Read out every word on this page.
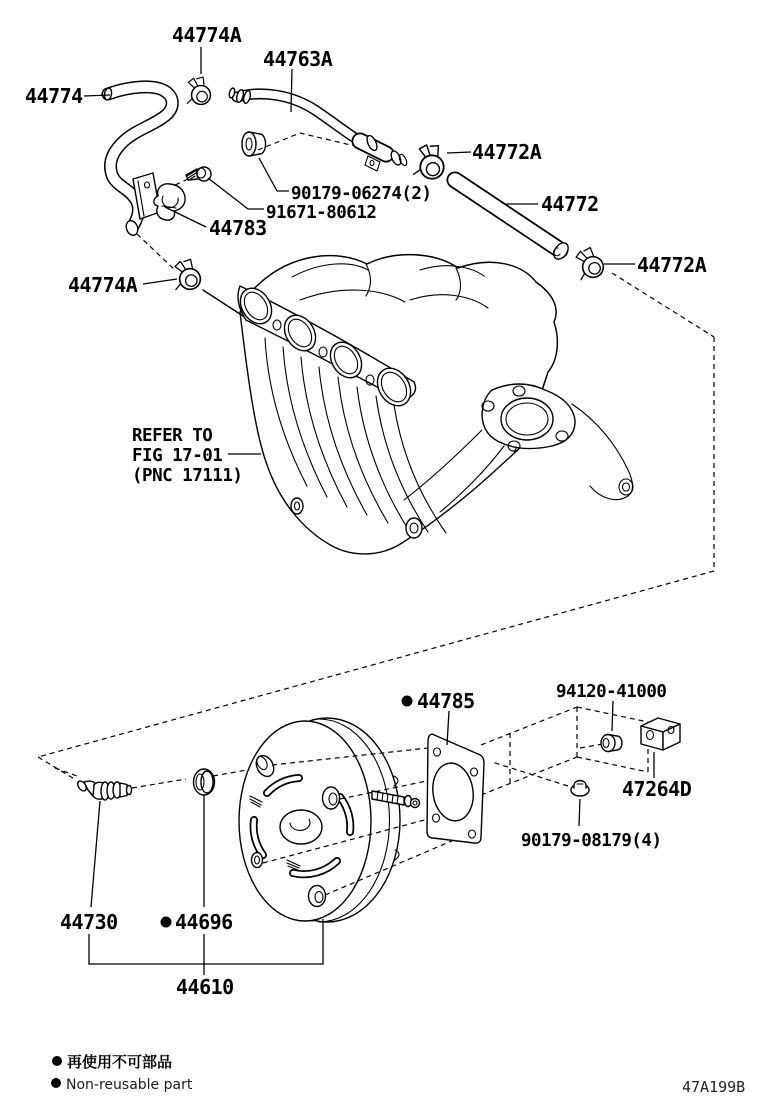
44774A
44763A
44774
44772A
90179-06274(2)
91671-80612
44783
44772
44772A
44774A
REFER TO
FIG 17-01
(PNC 17111)
44785	94120-41000
47264D
90179-08179(4)
44730	44696
44610
再使用不可部品
Non-reusable part	47A199B
